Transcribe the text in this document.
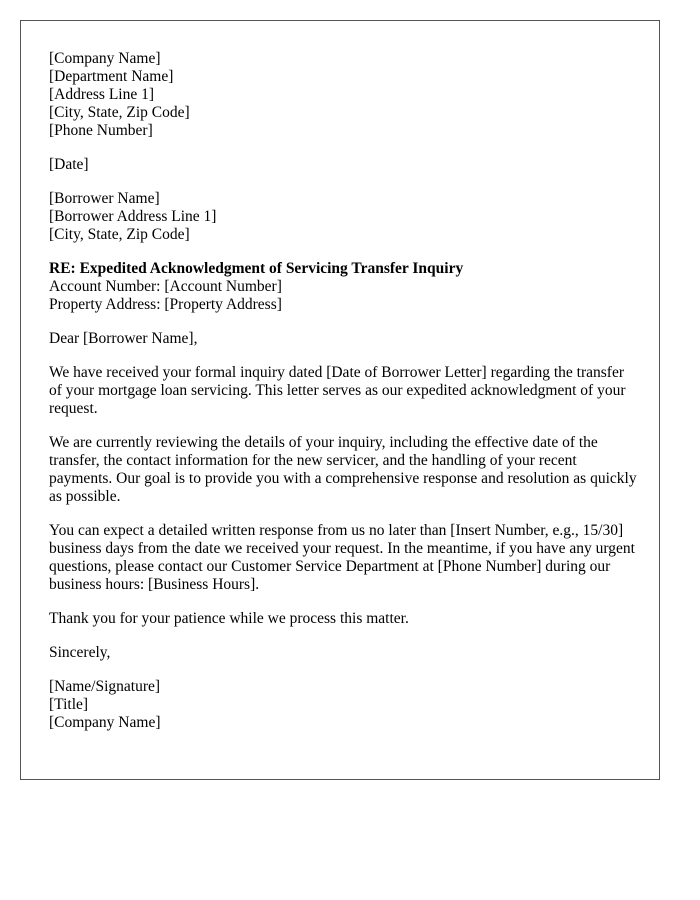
[Company Name]
[Department Name]
[Address Line 1]
[City, State, Zip Code]
[Phone Number]
[Date]
[Borrower Name]
[Borrower Address Line 1]
[City, State, Zip Code]
RE: Expedited Acknowledgment of Servicing Transfer Inquiry
Account Number: [Account Number]
Property Address: [Property Address]
Dear [Borrower Name],

We have received your formal inquiry dated [Date of Borrower Letter] regarding the transfer of your mortgage loan servicing. This letter serves as our expedited acknowledgment of your request.

We are currently reviewing the details of your inquiry, including the effective date of the transfer, the contact information for the new servicer, and the handling of your recent payments. Our goal is to provide you with a comprehensive response and resolution as quickly as possible.

You can expect a detailed written response from us no later than [Insert Number, e.g., 15/30] business days from the date we received your request. In the meantime, if you have any urgent questions, please contact our Customer Service Department at [Phone Number] during our business hours: [Business Hours].

Thank you for your patience while we process this matter.

Sincerely,
[Name/Signature]
[Title]
[Company Name]
